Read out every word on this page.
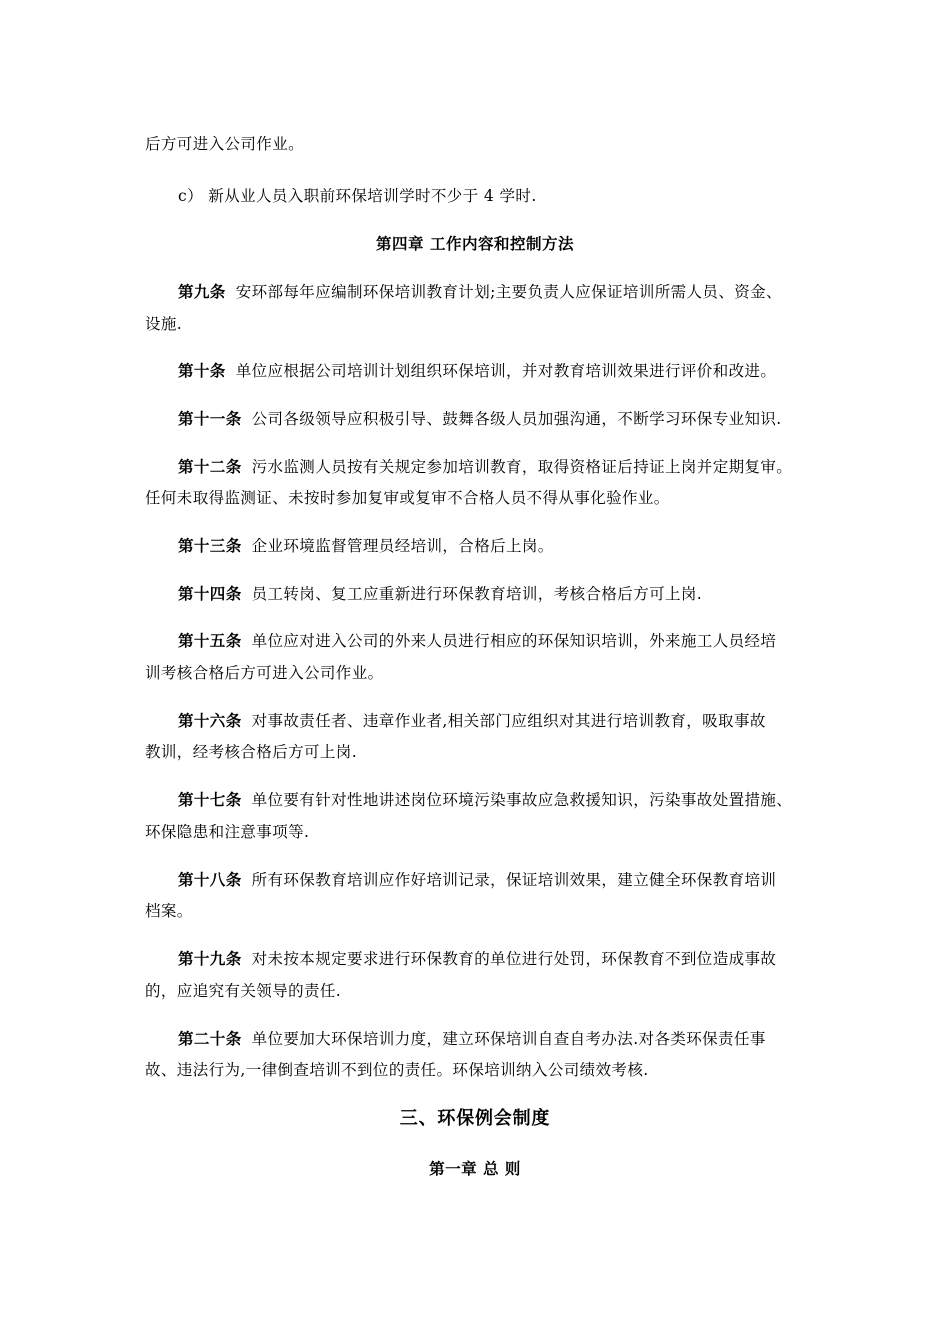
后方可进入公司作业。
c） 新从业人员入职前环保培训学时不少于 4 学时.
第四章 工作内容和控制方法
第九条 安环部每年应编制环保培训教育计划;主要负责人应保证培训所需人员、资金、
设施.
第十条 单位应根据公司培训计划组织环保培训，并对教育培训效果进行评价和改进。
第十一条 公司各级领导应积极引导、鼓舞各级人员加强沟通，不断学习环保专业知识.
第十二条 污水监测人员按有关规定参加培训教育，取得资格证后持证上岗并定期复审。
任何未取得监测证、未按时参加复审或复审不合格人员不得从事化验作业。
第十三条 企业环境监督管理员经培训，合格后上岗。
第十四条 员工转岗、复工应重新进行环保教育培训，考核合格后方可上岗.
第十五条 单位应对进入公司的外来人员进行相应的环保知识培训，外来施工人员经培
训考核合格后方可进入公司作业。
第十六条 对事故责任者、违章作业者,相关部门应组织对其进行培训教育，吸取事故
教训，经考核合格后方可上岗.
第十七条 单位要有针对性地讲述岗位环境污染事故应急救援知识，污染事故处置措施、
环保隐患和注意事项等.
第十八条 所有环保教育培训应作好培训记录，保证培训效果，建立健全环保教育培训
档案。
第十九条 对未按本规定要求进行环保教育的单位进行处罚，环保教育不到位造成事故
的，应追究有关领导的责任.
第二十条 单位要加大环保培训力度，建立环保培训自查自考办法.对各类环保责任事
故、违法行为,一律倒查培训不到位的责任。环保培训纳入公司绩效考核.
三、环保例会制度
第一章 总 则
